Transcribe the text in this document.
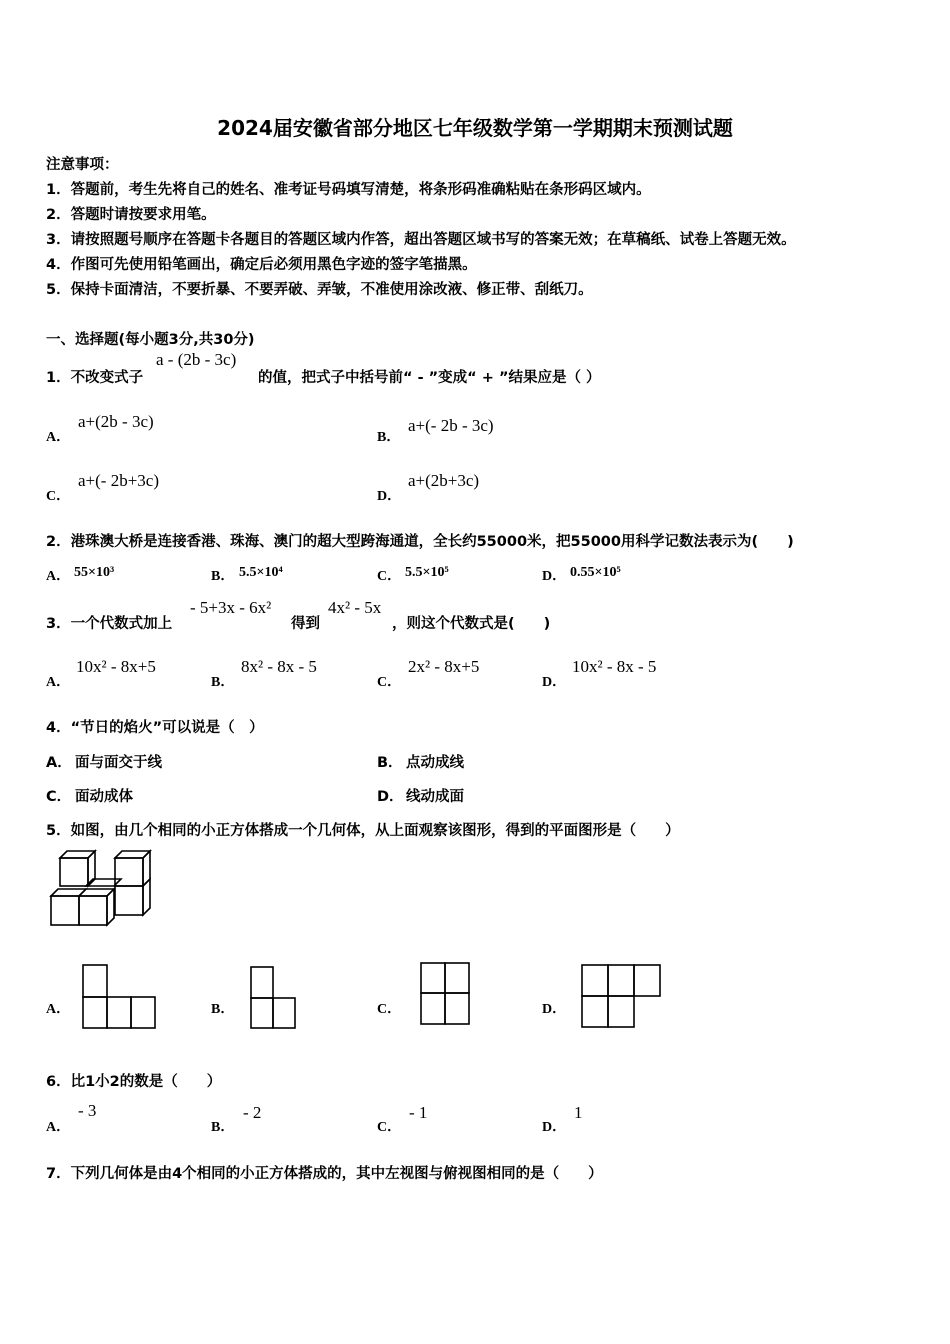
2024届安徽省部分地区七年级数学第一学期期末预测试题
注意事项：
1．答题前，考生先将自己的姓名、准考证号码填写清楚，将条形码准确粘贴在条形码区域内。
2．答题时请按要求用笔。
3．请按照题号顺序在答题卡各题目的答题区域内作答，超出答题区域书写的答案无效；在草稿纸、试卷上答题无效。
4．作图可先使用铅笔画出，确定后必须用黑色字迹的签字笔描黑。
5．保持卡面清洁，不要折暴、不要弄破、弄皱，不准使用涂改液、修正带、刮纸刀。
一、选择题(每小题3分,共30分)
1．不改变式子
a - (2b - 3c)
的值，把式子中括号前“ - ”变成“ + ”结果应是（ ）
A．
a+(2b - 3c)
B．
a+(- 2b - 3c)
C．
a+(- 2b+3c)
D．
a+(2b+3c)
2．港珠澳大桥是连接香港、珠海、澳门的超大型跨海通道，全长约55000米，把55000用科学记数法表示为(　　)
A． 55×10³	B． 5.5×10⁴	C． 5.5×10⁵	D． 0.55×10⁵
3．一个代数式加上
- 5+3x - 6x²
得到
4x² - 5x
，则这个代数式是(　　)
A．
10x² - 8x+5
B．
8x² - 8x - 5
C．
2x² - 8x+5
D．
10x² - 8x - 5
4．“节日的焰火”可以说是（　）
A． 面与面交于线	B． 点动成线
C． 面动成体	D． 线动成面
5．如图，由几个相同的小正方体搭成一个几何体，从上面观察该图形，得到的平面图形是（　　）
A．	B．	C．	D．
6．比1小2的数是（　　）
A．
- 3
B．
- 2
C．
- 1
D．
1
7．下列几何体是由4个相同的小正方体搭成的，其中左视图与俯视图相同的是（　　）
